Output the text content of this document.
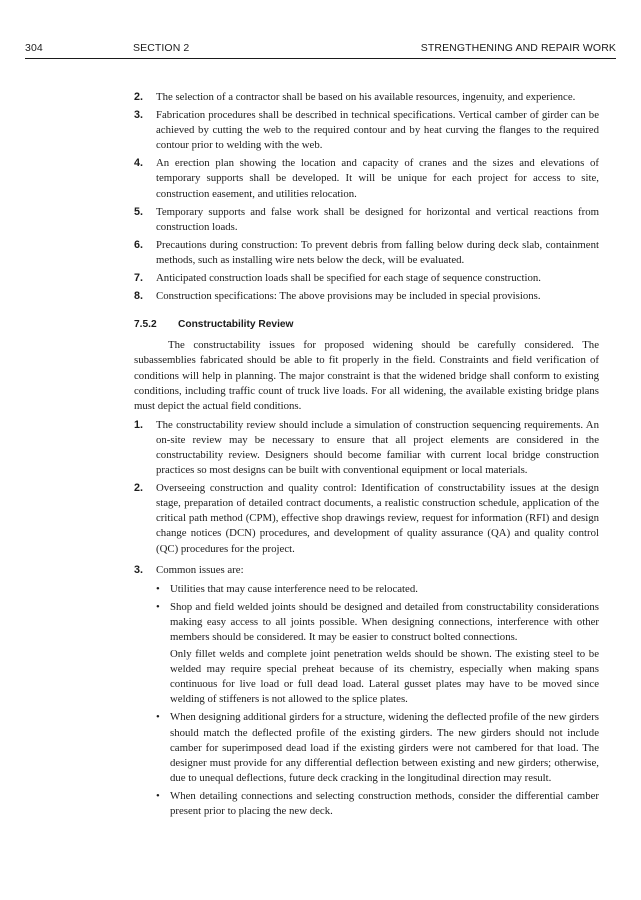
304	SECTION 2	STRENGTHENING AND REPAIR WORK
2. The selection of a contractor shall be based on his available resources, ingenuity, and experience.
3. Fabrication procedures shall be described in technical specifications. Vertical camber of girder can be achieved by cutting the web to the required contour and by heat curving the flanges to the required contour prior to welding with the web.
4. An erection plan showing the location and capacity of cranes and the sizes and elevations of temporary supports shall be developed. It will be unique for each project for access to site, construction easement, and utilities relocation.
5. Temporary supports and false work shall be designed for horizontal and vertical reactions from construction loads.
6. Precautions during construction: To prevent debris from falling below during deck slab, containment methods, such as installing wire nets below the deck, will be evaluated.
7. Anticipated construction loads shall be specified for each stage of sequence construction.
8. Construction specifications: The above provisions may be included in special provisions.
7.5.2 Constructability Review

The constructability issues for proposed widening should be carefully considered. The subassemblies fabricated should be able to fit properly in the field. Constraints and field verification of conditions will help in planning. The major constraint is that the widened bridge shall conform to existing conditions, including traffic count of truck live loads. For all widening, the available existing bridge plans must depict the actual field conditions.

1. The constructability review should include a simulation of construction sequencing requirements. An on-site review may be necessary to ensure that all project elements are considered in the constructability review. Designers should become familiar with current local bridge construction practices so most designs can be built with conventional equipment or local materials.
2. Overseeing construction and quality control: Identification of constructability issues at the design stage, preparation of detailed contract documents, a realistic construction schedule, application of the critical path method (CPM), effective shop drawings review, request for information (RFI) and design change notices (DCN) procedures, and development of quality assurance (QA) and quality control (QC) procedures for the project.
3. Common issues are:
• Utilities that may cause interference need to be relocated.
• Shop and field welded joints should be designed and detailed from constructability considerations making easy access to all joints possible. When designing connections, interference with other members should be considered. It may be easier to construct bolted connections.

Only fillet welds and complete joint penetration welds should be shown. The existing steel to be welded may require special preheat because of its chemistry, especially when making spans continuous for live load or full dead load. Lateral gusset plates may have to be moved since welding of stiffeners is not allowed to the splice plates.

• When designing additional girders for a structure, widening the deflected profile of the new girders should match the deflected profile of the existing girders. The new girders should not include camber for superimposed dead load if the existing girders were not cambered for that load. The designer must provide for any differential deflection between existing and new girders; otherwise, due to unequal deflections, future deck cracking in the longitudinal direction may result.
• When detailing connections and selecting construction methods, consider the differential camber present prior to placing the new deck.
